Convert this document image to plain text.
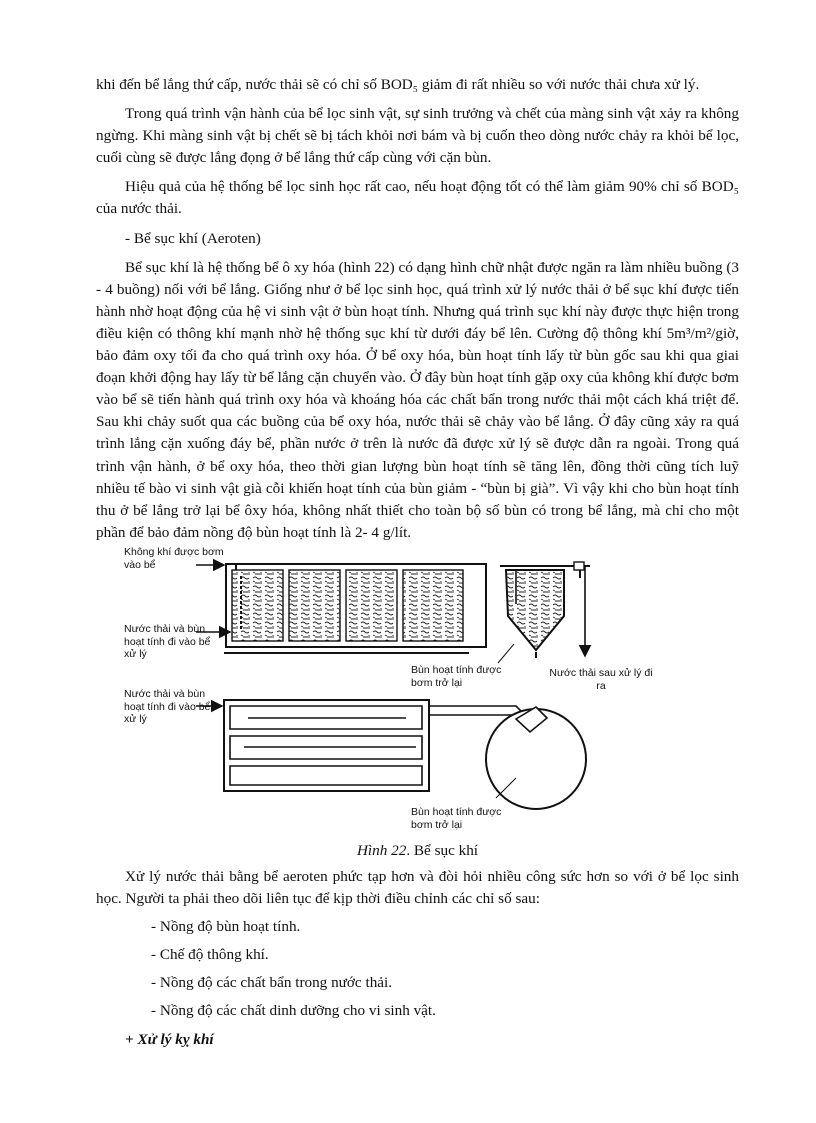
khi đến bể lắng thứ cấp, nước thải sẽ có chỉ số BOD₅ giảm đi rất nhiều so với nước thải chưa xử lý.

Trong quá trình vận hành của bể lọc sinh vật, sự sinh trưởng và chết của màng sinh vật xảy ra không ngừng. Khi màng sinh vật bị chết sẽ bị tách khỏi nơi bám và bị cuốn theo dòng nước chảy ra khỏi bể lọc, cuối cùng sẽ được lắng đọng ở bể lắng thứ cấp cùng với cặn bùn.

Hiệu quả của hệ thống bể lọc sinh học rất cao, nếu hoạt động tốt có thể làm giảm 90% chỉ số BOD₅ của nước thải.

- Bể sục khí (Aeroten)

Bể sục khí là hệ thống bể ô xy hóa (hình 22) có dạng hình chữ nhật được ngăn ra làm nhiều buồng (3 - 4 buồng) nối với bể lắng. Giống như ở bể lọc sinh học, quá trình xử lý nước thải ở bể sục khí được tiến hành nhờ hoạt động của hệ vi sinh vật ở bùn hoạt tính. Nhưng quá trình sục khí này được thực hiện trong điều kiện có thông khí mạnh nhờ hệ thống sục khí từ dưới đáy bể lên. Cường độ thông khí 5m³/m²/giờ, bảo đảm oxy tối đa cho quá trình oxy hóa. Ở bể oxy hóa, bùn hoạt tính lấy từ bùn gốc sau khi qua giai đoạn khởi động hay lấy từ bể lắng cặn chuyển vào. Ở đây bùn hoạt tính gặp oxy của không khí được bơm vào bể sẽ tiến hành quá trình oxy hóa và khoáng hóa các chất bẩn trong nước thải một cách khá triệt để. Sau khi chảy suốt qua các buồng của bể oxy hóa, nước thải sẽ chảy vào bể lắng. Ở đây cũng xảy ra quá trình lắng cặn xuống đáy bể, phần nước ở trên là nước đã được xử lý sẽ được dẫn ra ngoài. Trong quá trình vận hành, ở bể oxy hóa, theo thời gian lượng bùn hoạt tính sẽ tăng lên, đồng thời cũng tích luỹ nhiều tế bào vi sinh vật già cỗi khiến hoạt tính của bùn giảm - “bùn bị già”. Vì vậy khi cho bùn hoạt tính thu ở bể lắng trở lại bể ôxy hóa, không nhất thiết cho toàn bộ số bùn có trong bể lắng, mà chỉ cho một phần để bảo đảm nồng độ bùn hoạt tính là 2- 4 g/lít.

Không khí được bơm vào bể
Nước thải và bùn hoạt tính đi vào bể xử lý
Bùn hoạt tính được bơm trở lại
Nước thải sau xử lý đi ra
Nước thải và bùn hoạt tính đi vào bể xử lý
Bùn hoạt tính được bơm trở lại
Hình 22. Bể sục khí

Xử lý nước thải bằng bể aeroten phức tạp hơn và đòi hỏi nhiều công sức hơn so với ở bể lọc sinh học. Người ta phải theo dõi liên tục để kịp thời điều chỉnh các chỉ số sau:

- Nồng độ bùn hoạt tính.

- Chế độ thông khí.

- Nồng độ các chất bẩn trong nước thải.

- Nồng độ các chất dinh dưỡng cho vi sinh vật.

+ Xử lý kỵ khí
